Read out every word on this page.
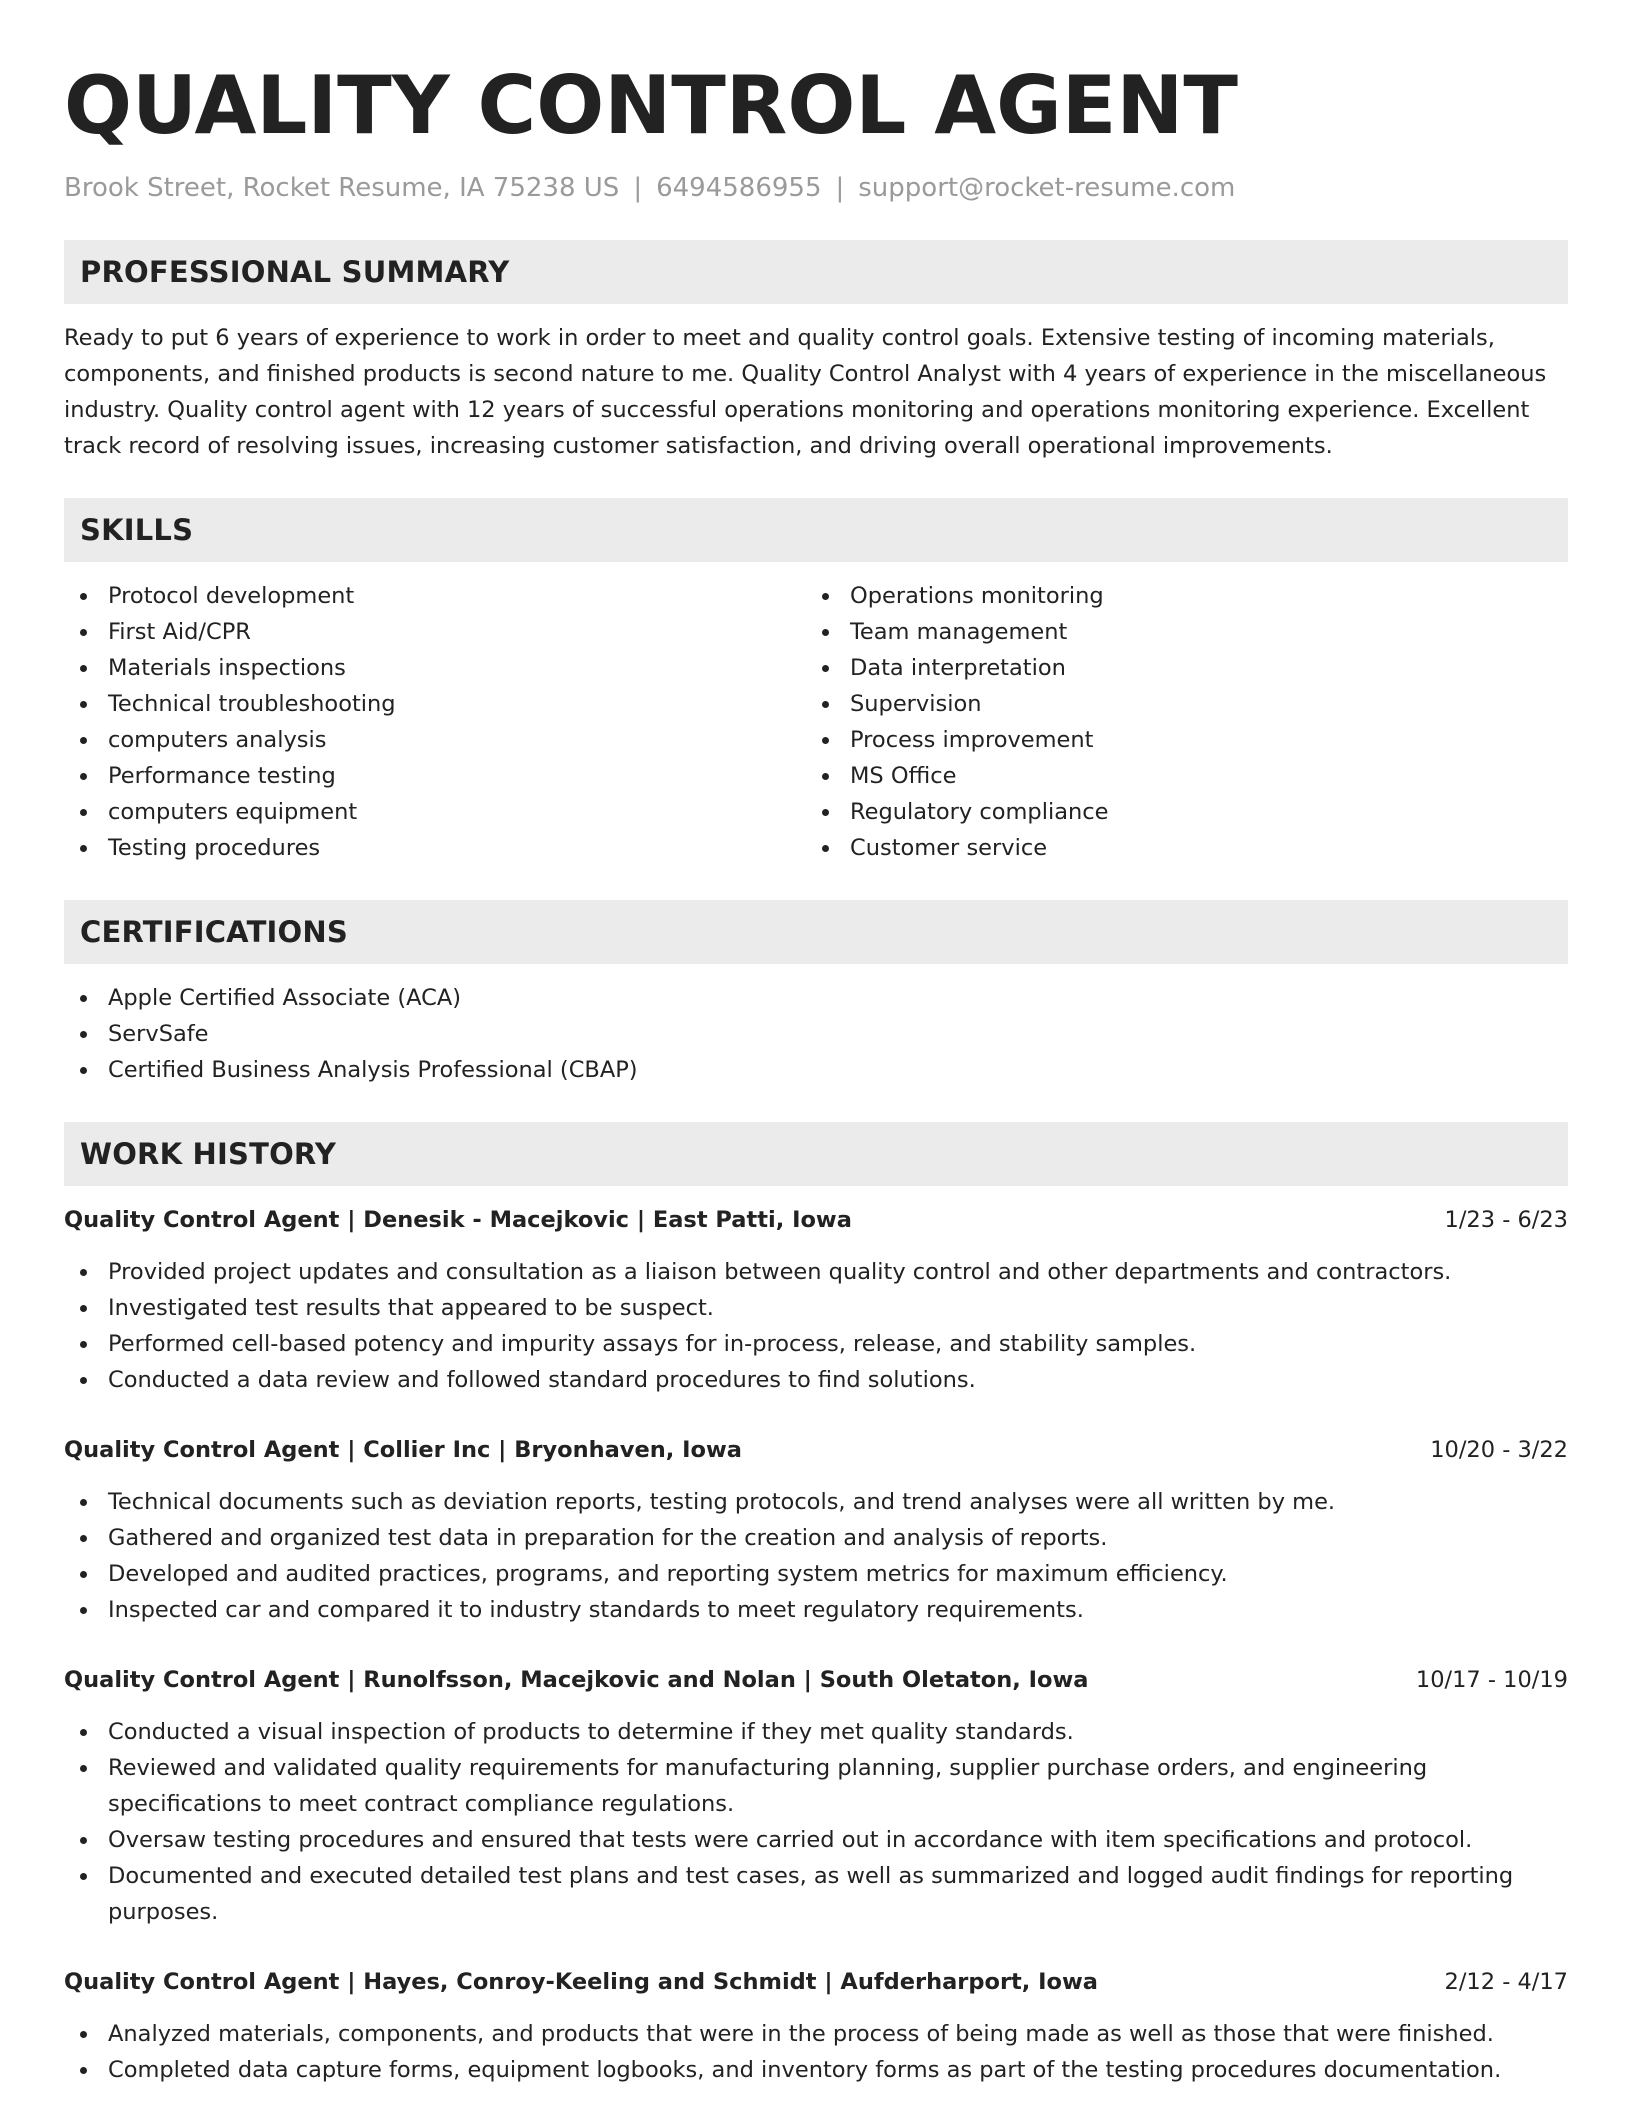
QUALITY CONTROL AGENT
Brook Street, Rocket Resume, IA 75238 US | 6494586955 | support@rocket-resume.com
PROFESSIONAL SUMMARY

Ready to put 6 years of experience to work in order to meet and quality control goals. Extensive testing of incoming materials, components, and finished products is second nature to me. Quality Control Analyst with 4 years of experience in the miscellaneous industry. Quality control agent with 12 years of successful operations monitoring and operations monitoring experience. Excellent track record of resolving issues, increasing customer satisfaction, and driving overall operational improvements.

SKILLS
Protocol development
First Aid/CPR
Materials inspections
Technical troubleshooting
computers analysis
Performance testing
computers equipment
Testing procedures
Operations monitoring
Team management
Data interpretation
Supervision
Process improvement
MS Office
Regulatory compliance
Customer service
CERTIFICATIONS
Apple Certified Associate (ACA)
ServSafe
Certified Business Analysis Professional (CBAP)
WORK HISTORY
Quality Control Agent | Denesik - Macejkovic | East Patti, Iowa	1/23 - 6/23
Provided project updates and consultation as a liaison between quality control and other departments and contractors.
Investigated test results that appeared to be suspect.
Performed cell-based potency and impurity assays for in-process, release, and stability samples.
Conducted a data review and followed standard procedures to find solutions.
Quality Control Agent | Collier Inc | Bryonhaven, Iowa	10/20 - 3/22
Technical documents such as deviation reports, testing protocols, and trend analyses were all written by me.
Gathered and organized test data in preparation for the creation and analysis of reports.
Developed and audited practices, programs, and reporting system metrics for maximum efficiency.
Inspected car and compared it to industry standards to meet regulatory requirements.
Quality Control Agent | Runolfsson, Macejkovic and Nolan | South Oletaton, Iowa	10/17 - 10/19
Conducted a visual inspection of products to determine if they met quality standards.
Reviewed and validated quality requirements for manufacturing planning, supplier purchase orders, and engineering specifications to meet contract compliance regulations.
Oversaw testing procedures and ensured that tests were carried out in accordance with item specifications and protocol.
Documented and executed detailed test plans and test cases, as well as summarized and logged audit findings for reporting purposes.
Quality Control Agent | Hayes, Conroy-Keeling and Schmidt | Aufderharport, Iowa	2/12 - 4/17
Analyzed materials, components, and products that were in the process of being made as well as those that were finished.
Completed data capture forms, equipment logbooks, and inventory forms as part of the testing procedures documentation.
